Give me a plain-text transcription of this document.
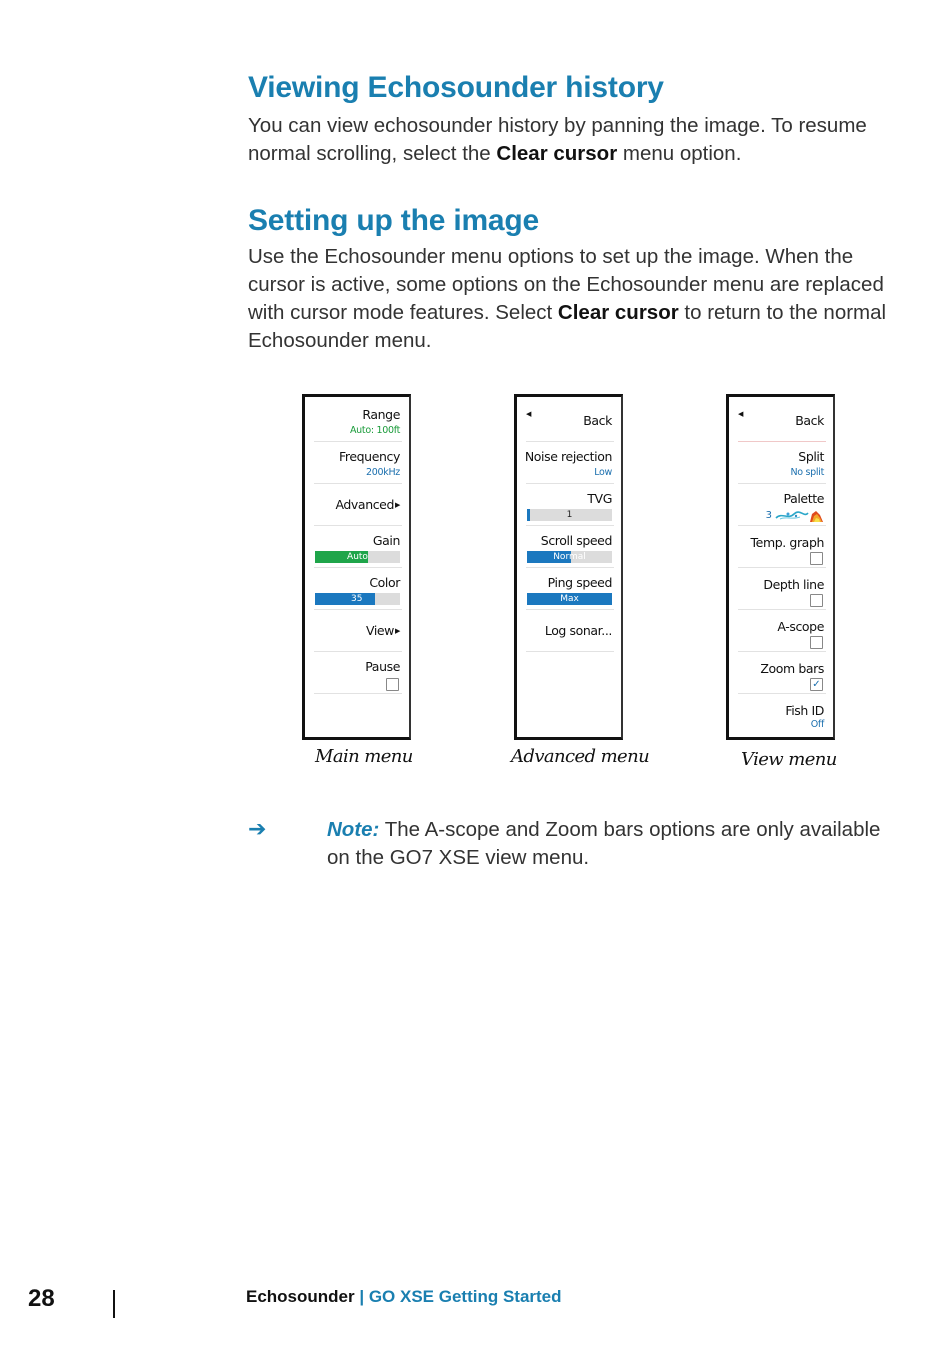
Viewing Echosounder history

You can view echosounder history by panning the image. To resume normal scrolling, select the Clear cursor menu option.

Setting up the image

Use the Echosounder menu options to set up the image. When the cursor is active, some options on the Echosounder menu are replaced with cursor mode features. Select Clear cursor to return to the normal Echosounder menu.

Range
Auto: 100ft
Frequency
200kHz
Advanced▶
Gain
Auto
Color
35
View▶
Pause
Main menu
◀	Back
Noise rejection
Low
TVG
1
Scroll speed
Normal
Ping speed
Max
Log sonar...
Advanced menu
◀	Back
Split
No split
Palette
3
Temp. graph
Depth line
A-scope
Zoom bars
✓
Fish ID
Off
View menu
➔	Note: The A-scope and Zoom bars options are only available on the GO7 XSE view menu.

28	Echosounder | GO XSE Getting Started
